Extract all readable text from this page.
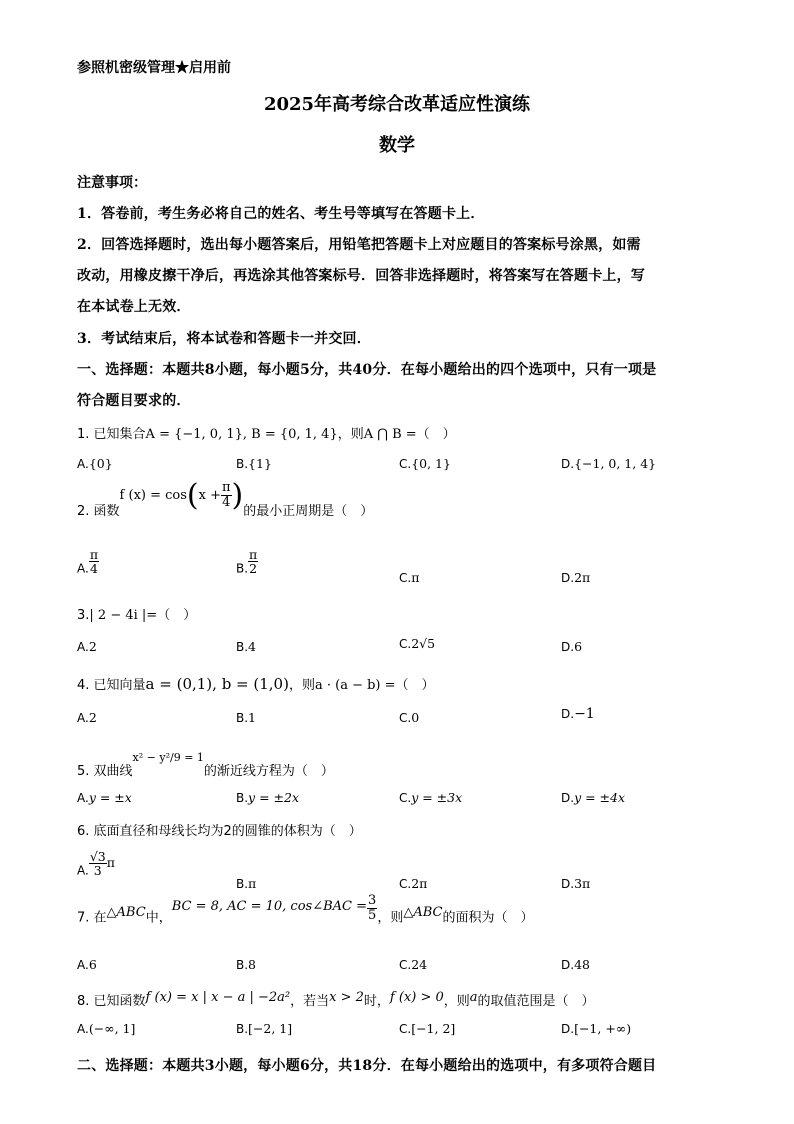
参照机密级管理★启用前
2025年高考综合改革适应性演练
数学
注意事项：
1．答卷前，考生务必将自己的姓名、考生号等填写在答题卡上．
2．回答选择题时，选出每小题答案后，用铅笔把答题卡上对应题目的答案标号涂黑，如需
改动，用橡皮擦干净后，再选涂其他答案标号．回答非选择题时，将答案写在答题卡上，写
在本试卷上无效．
3．考试结束后，将本试卷和答题卡一并交回．
一、选择题：本题共8小题，每小题5分，共40分．在每小题给出的四个选项中，只有一项是
符合题目要求的．
1. 已知集合A = {−1, 0, 1}, B = {0, 1, 4}，则A ⋂ B =（　）
A.{0}	B.{1}	C.{0, 1}	D.{−1, 0, 1, 4}
2. 函数f $(x) = \cos(x + \frac{\pi}{4}$ )的最小正周期是（　）
A. $\frac{\pi}{4}$	B. $\frac{\pi}{2}$
C.π	D.2π
3.| 2 − 4i |=（　）
A.2	B.4	C.2√5	D.6
4. 已知向量a = (0,1), b = (1,0)，则a · (a − b) =（　）
A.2	B.1	C.0	D.−1
5. 双曲线$^{x^2 - y^2/9 = 1}$的渐近线方程为（　）
A.y = ±x	B.y = ±2x	C.y = ±3x	D.y = ±4x
6. 底面直径和母线长均为2的圆锥的体积为（　）
A. $\frac{√3}{3}$ π
B.π	C.2π	D.3π
7. 在△ABC中，BC = 8, AC = 10, cos∠BAC = $\frac{3}{5}$ ，则△ABC的面积为（　）
A.6	B.8	C.24	D.48
8. 已知函数f (x) = x | x − a | −2a²，若当x > 2时，f (x) > 0，则a的取值范围是（　）
A.(−∞, 1]	B.[−2, 1]	C.[−1, 2]	D.[−1, +∞)
二、选择题：本题共3小题，每小题6分，共18分．在每小题给出的选项中，有多项符合题目
